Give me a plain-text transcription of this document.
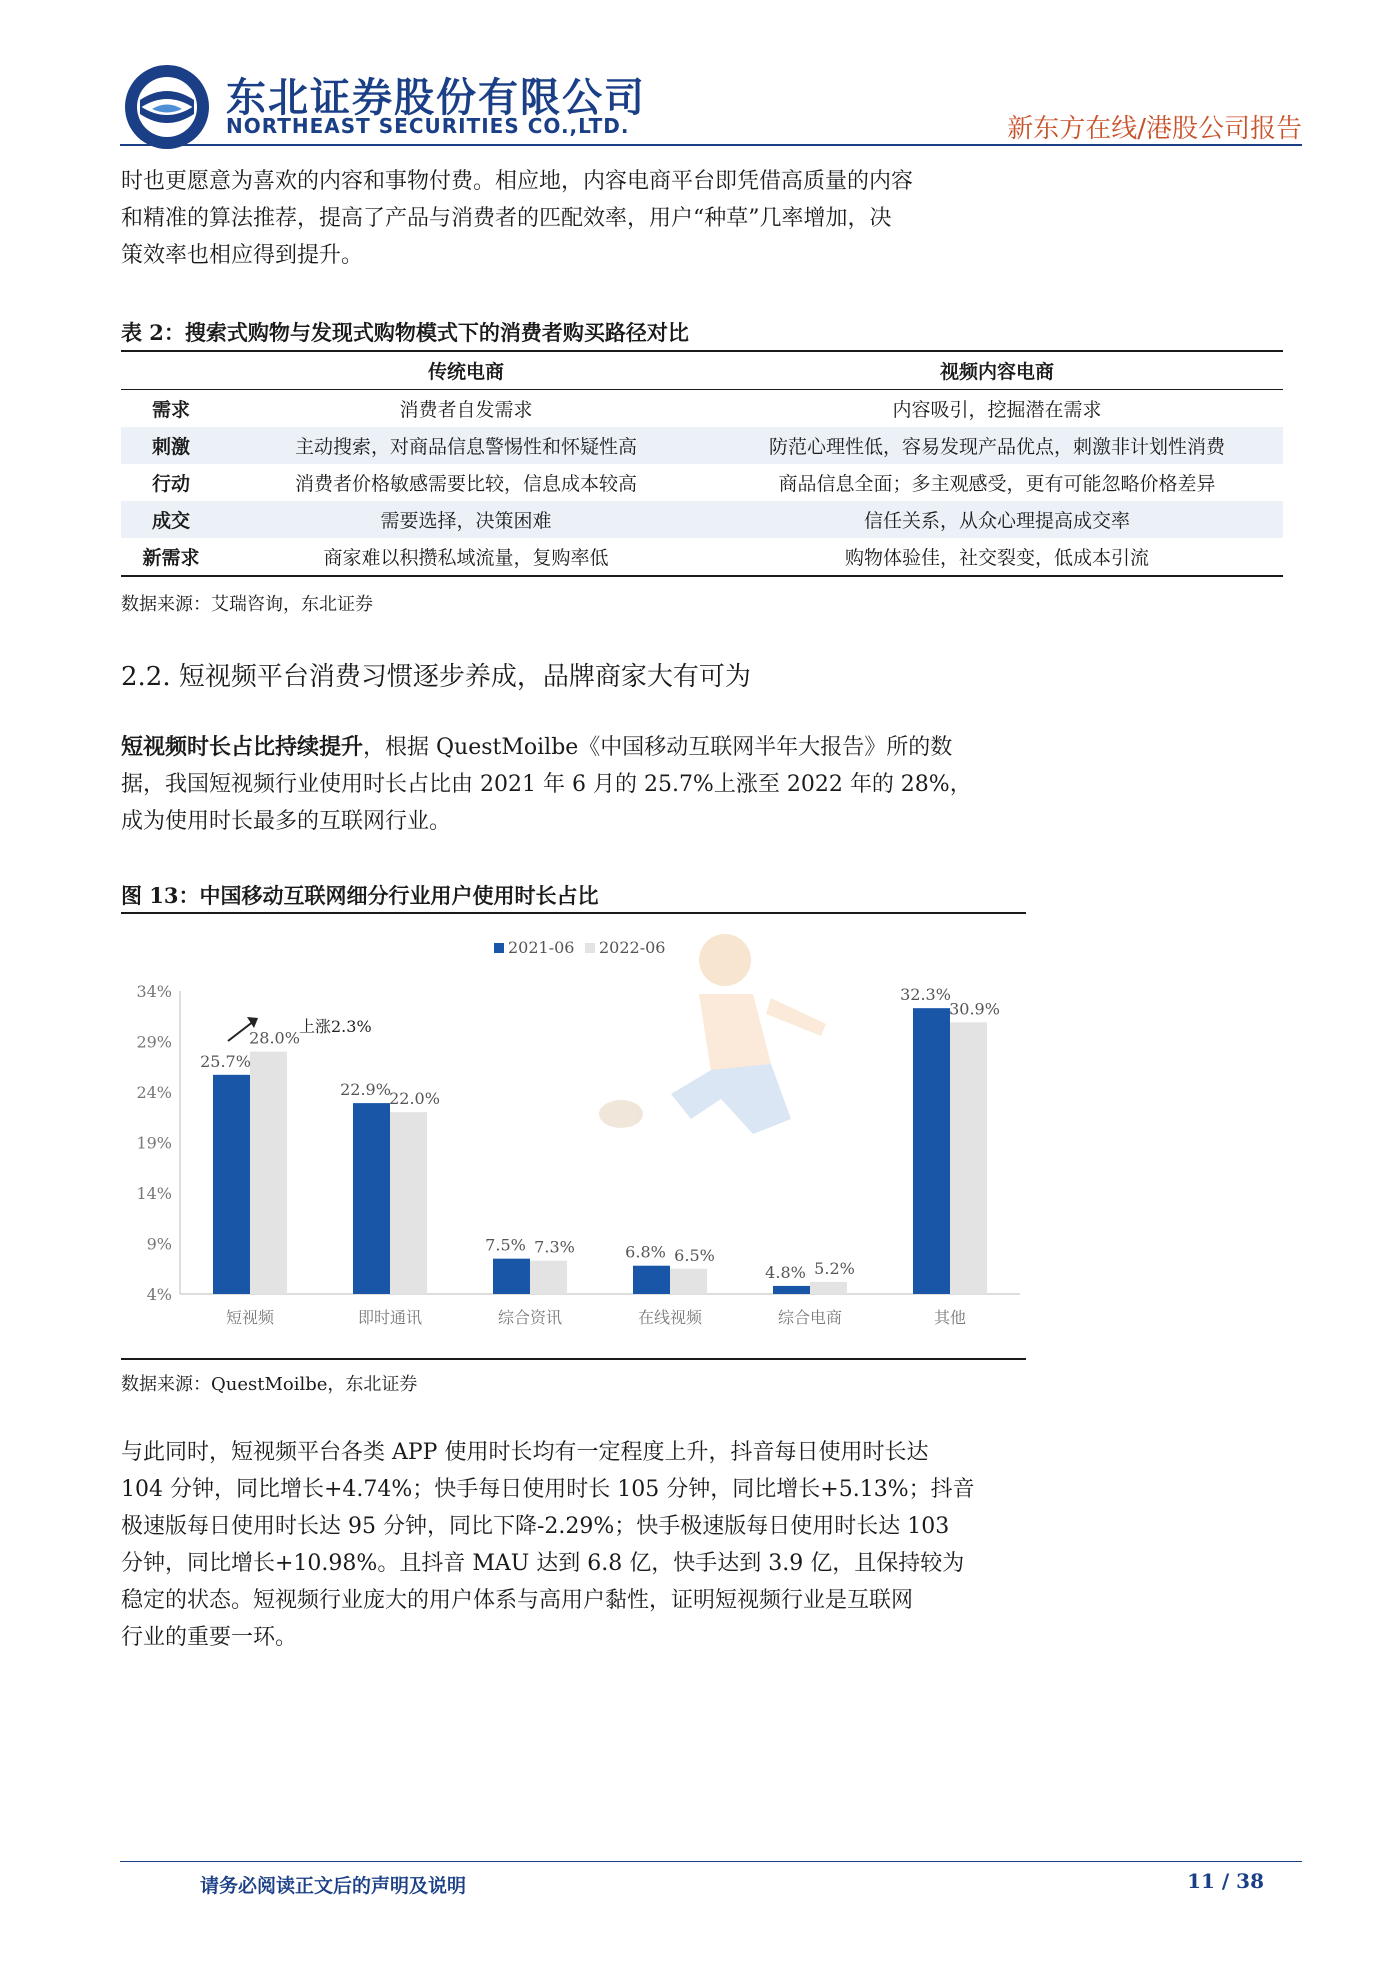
东北证券股份有限公司
NORTHEAST SECURITIES CO.,LTD.	新东方在线/港股公司报告
时也更愿意为喜欢的内容和事物付费。相应地，内容电商平台即凭借高质量的内容
和精准的算法推荐，提高了产品与消费者的匹配效率，用户“种草”几率增加，决
策效率也相应得到提升。
表 2：搜索式购物与发现式购物模式下的消费者购买路径对比
	传统电商	视频内容电商
需求	消费者自发需求	内容吸引，挖掘潜在需求
刺激	主动搜索，对商品信息警惕性和怀疑性高	防范心理性低，容易发现产品优点，刺激非计划性消费
行动	消费者价格敏感需要比较，信息成本较高	商品信息全面；多主观感受，更有可能忽略价格差异
成交	需要选择，决策困难	信任关系，从众心理提高成交率
新需求	商家难以积攒私域流量，复购率低	购物体验佳，社交裂变，低成本引流
数据来源：艾瑞咨询，东北证券
2.2. 短视频平台消费习惯逐步养成，品牌商家大有可为
短视频时长占比持续提升，根据 QuestMoilbe《中国移动互联网半年大报告》所的数
据，我国短视频行业使用时长占比由 2021 年 6 月的 25.7%上涨至 2022 年的 28%，
成为使用时长最多的互联网行业。
图 13：中国移动互联网细分行业用户使用时长占比
4%
9%
14%
19%
24%
29%
34%
短视频	即时通讯	综合资讯	在线视频	综合电商	其他
25.7%
28.0%
22.9%
22.0%
7.5% 7.3%	6.8% 6.5%
4.8% 5.2%
32.3%
30.9%
2021-06 2022-06
上涨2.3%
数据来源：QuestMoilbe，东北证券
与此同时，短视频平台各类 APP 使用时长均有一定程度上升，抖音每日使用时长达
104 分钟，同比增长+4.74%；快手每日使用时长 105 分钟，同比增长+5.13%；抖音
极速版每日使用时长达 95 分钟，同比下降-2.29%；快手极速版每日使用时长达 103
分钟，同比增长+10.98%。且抖音 MAU 达到 6.8 亿，快手达到 3.9 亿，且保持较为
稳定的状态。短视频行业庞大的用户体系与高用户黏性，证明短视频行业是互联网
行业的重要一环。
请务必阅读正文后的声明及说明	11 / 38
